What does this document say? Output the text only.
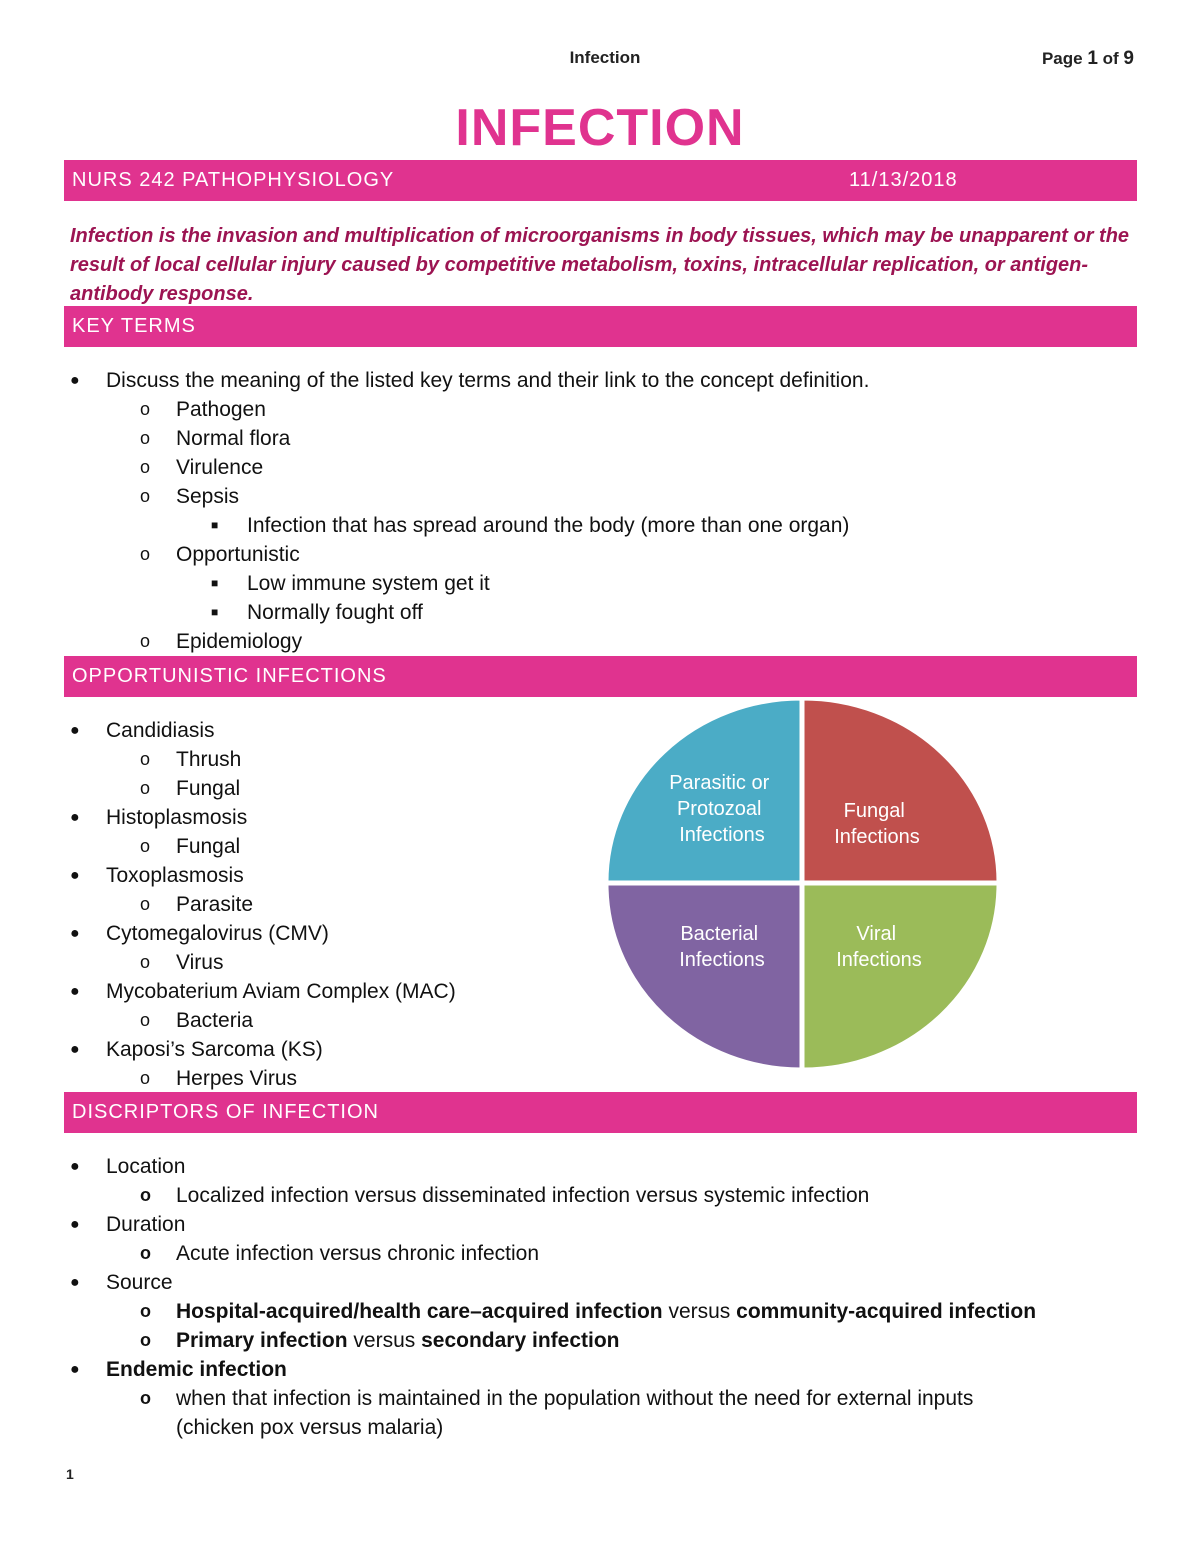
Infection	Page 1 of 9
INFECTION
NURS 242 PATHOPHYSIOLOGY	11/13/2018
Infection is the invasion and multiplication of microorganisms in body tissues, which may be unapparent or the result of local cellular injury caused by competitive metabolism, toxins, intracellular replication, or antigen-antibody response.
KEY TERMS
● Discuss the meaning of the listed key terms and their link to the concept definition.
o Pathogen
o Normal flora
o Virulence
o Sepsis
■ Infection that has spread around the body (more than one organ)
o Opportunistic
■ Low immune system get it
■ Normally fought off
o Epidemiology
OPPORTUNISTIC INFECTIONS
● Candidiasis
o Thrush
o Fungal
● Histoplasmosis
o Fungal
● Toxoplasmosis
o Parasite
● Cytomegalovirus (CMV)
o Virus
● Mycobaterium Aviam Complex (MAC)
o Bacteria
● Kaposi’s Sarcoma (KS)
o Herpes Virus
Parasitic or Protozoal Infections
Fungal Infections
Bacterial Infections
Viral Infections
DISCRIPTORS OF INFECTION
● Location
o Localized infection versus disseminated infection versus systemic infection
● Duration
o Acute infection versus chronic infection
● Source
o Hospital-acquired/health care–acquired infection versus community-acquired infection
o Primary infection versus secondary infection
● Endemic infection
o when that infection is maintained in the population without the need for external inputs (chicken pox versus malaria)
1
